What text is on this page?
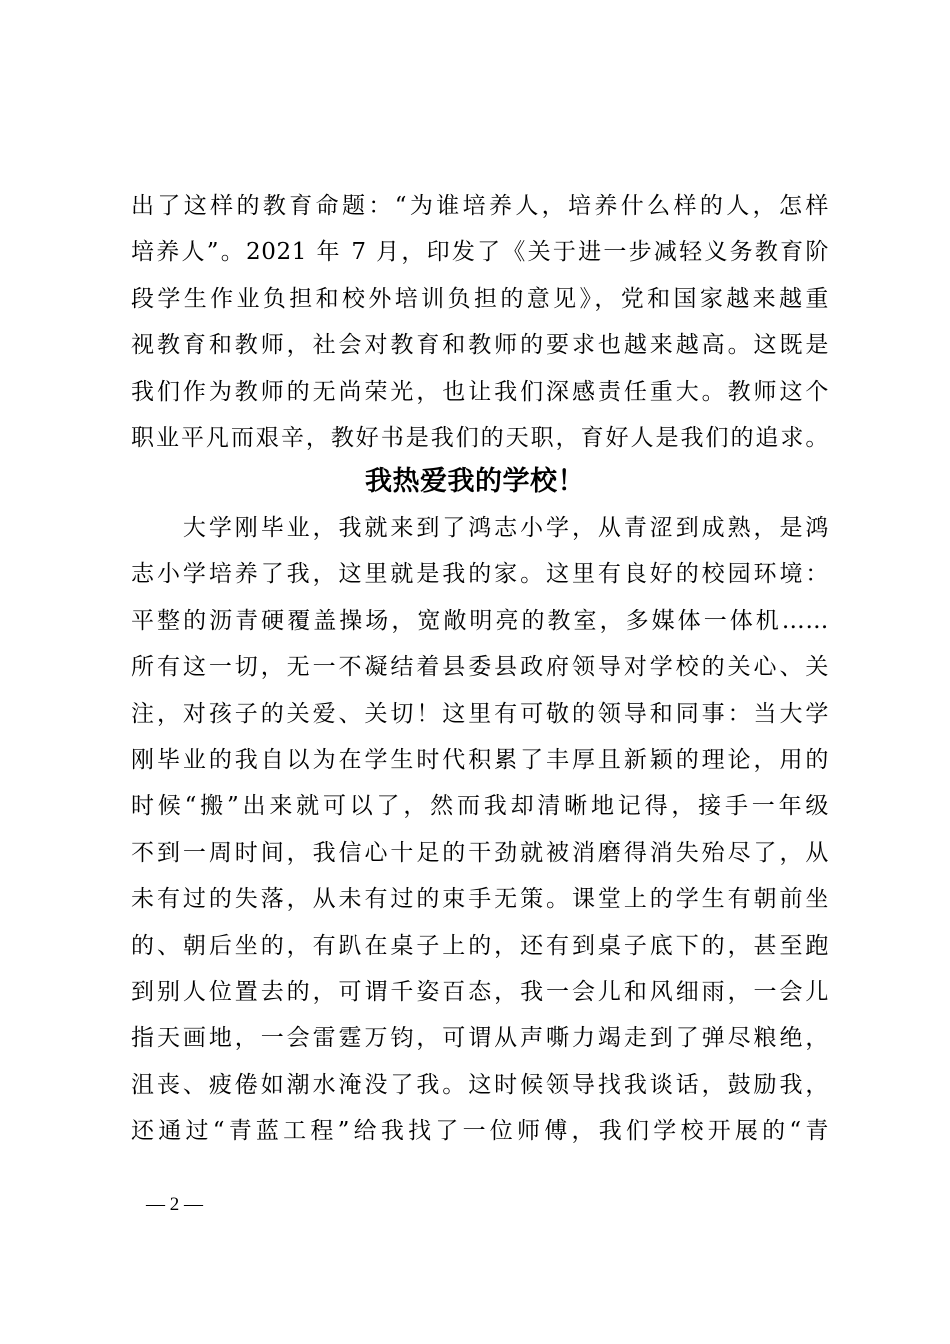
出了这样的教育命题：“为谁培养人，培养什么样的人，怎样
培养人”。2021 年 7 月，印发了《关于进一步减轻义务教育阶
段学生作业负担和校外培训负担的意见》，党和国家越来越重
视教育和教师，社会对教育和教师的要求也越来越高。这既是
我们作为教师的无尚荣光，也让我们深感责任重大。教师这个
职业平凡而艰辛，教好书是我们的天职，育好人是我们的追求。
我热爱我的学校！
　　大学刚毕业，我就来到了鸿志小学，从青涩到成熟，是鸿
志小学培养了我，这里就是我的家。这里有良好的校园环境：
平整的沥青硬覆盖操场，宽敞明亮的教室，多媒体一体机……
所有这一切，无一不凝结着县委县政府领导对学校的关心、关
注，对孩子的关爱、关切！这里有可敬的领导和同事：当大学
刚毕业的我自以为在学生时代积累了丰厚且新颖的理论，用的
时候“搬”出来就可以了，然而我却清晰地记得，接手一年级
不到一周时间，我信心十足的干劲就被消磨得消失殆尽了，从
未有过的失落，从未有过的束手无策。课堂上的学生有朝前坐
的、朝后坐的，有趴在桌子上的，还有到桌子底下的，甚至跑
到别人位置去的，可谓千姿百态，我一会儿和风细雨，一会儿
指天画地，一会雷霆万钧，可谓从声嘶力竭走到了弹尽粮绝，
沮丧、疲倦如潮水淹没了我。这时候领导找我谈话，鼓励我，
还通过“青蓝工程”给我找了一位师傅，我们学校开展的“青
— 2 —
